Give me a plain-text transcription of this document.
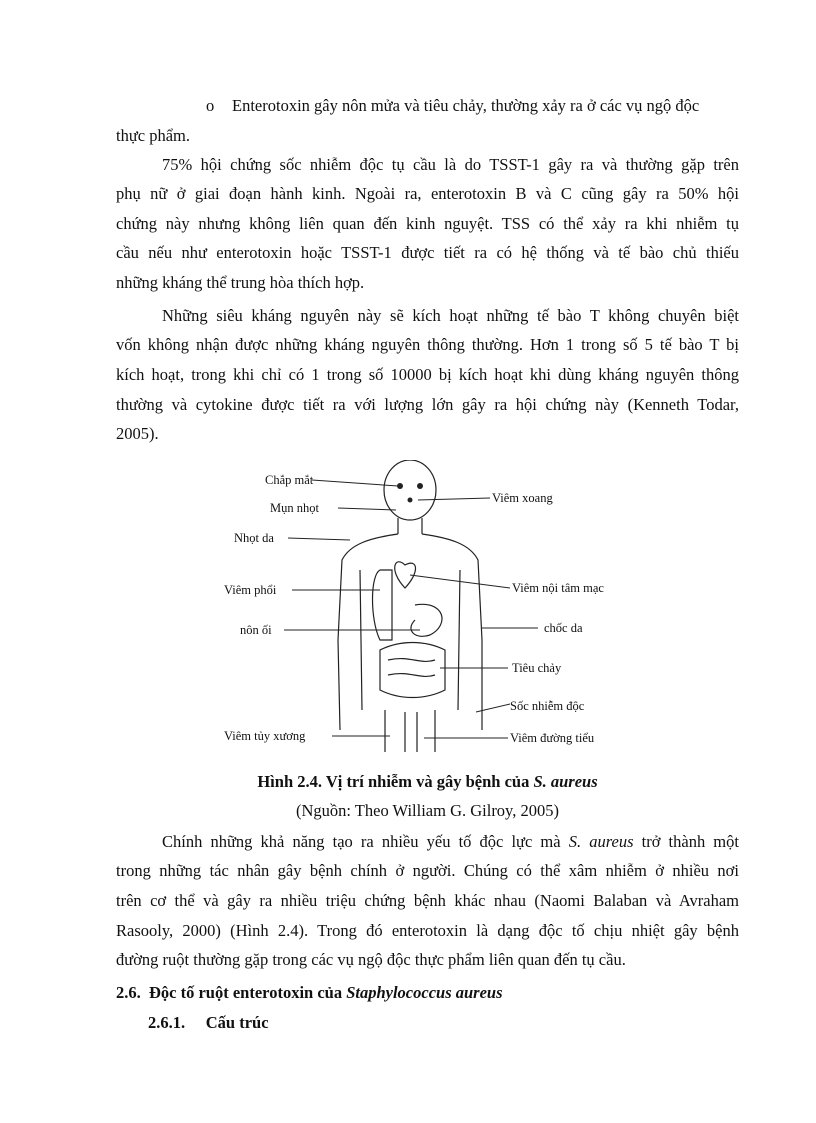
o Enterotoxin gây nôn mửa và tiêu chảy, thường xảy ra ở các vụ ngộ độc
thực phẩm.
75% hội chứng sốc nhiễm độc tụ cầu là do TSST-1 gây ra và thường gặp trên
phụ nữ ở giai đoạn hành kinh. Ngoài ra, enterotoxin B và C cũng gây ra 50% hội
chứng này nhưng không liên quan đến kinh nguyệt. TSS có thể xảy ra khi nhiễm tụ
cầu nếu như enterotoxin hoặc TSST-1 được tiết ra có hệ thống và tế bào chủ thiếu
những kháng thể trung hòa thích hợp.
Những siêu kháng nguyên này sẽ kích hoạt những tế bào T không chuyên biệt
vốn không nhận được những kháng nguyên thông thường. Hơn 1 trong số 5 tế bào T bị
kích hoạt, trong khi chỉ có 1 trong số 10000 bị kích hoạt khi dùng kháng nguyên thông
thường và cytokine được tiết ra với lượng lớn gây ra hội chứng này (Kenneth Todar,
2005).
Chắp mắt
Mụn nhọt
Nhọt da
Viêm phổi
nôn ối
Viêm tủy xương
Viêm xoang
Viêm nội tâm mạc
chốc da
Tiêu chảy
Sốc nhiễm độc
Viêm đường tiểu
Hình 2.4. Vị trí nhiễm và gây bệnh của S. aureus
(Nguồn: Theo William G. Gilroy, 2005)
Chính những khả năng tạo ra nhiều yếu tố độc lực mà S. aureus trở thành một
trong những tác nhân gây bệnh chính ở người. Chúng có thể xâm nhiễm ở nhiều nơi
trên cơ thể và gây ra nhiều triệu chứng bệnh khác nhau (Naomi Balaban và Avraham
Rasooly, 2000) (Hình 2.4). Trong đó enterotoxin là dạng độc tố chịu nhiệt gây bệnh
đường ruột thường gặp trong các vụ ngộ độc thực phẩm liên quan đến tụ cầu.
2.6. Độc tố ruột enterotoxin của Staphylococcus aureus
2.6.1. Cấu trúc
